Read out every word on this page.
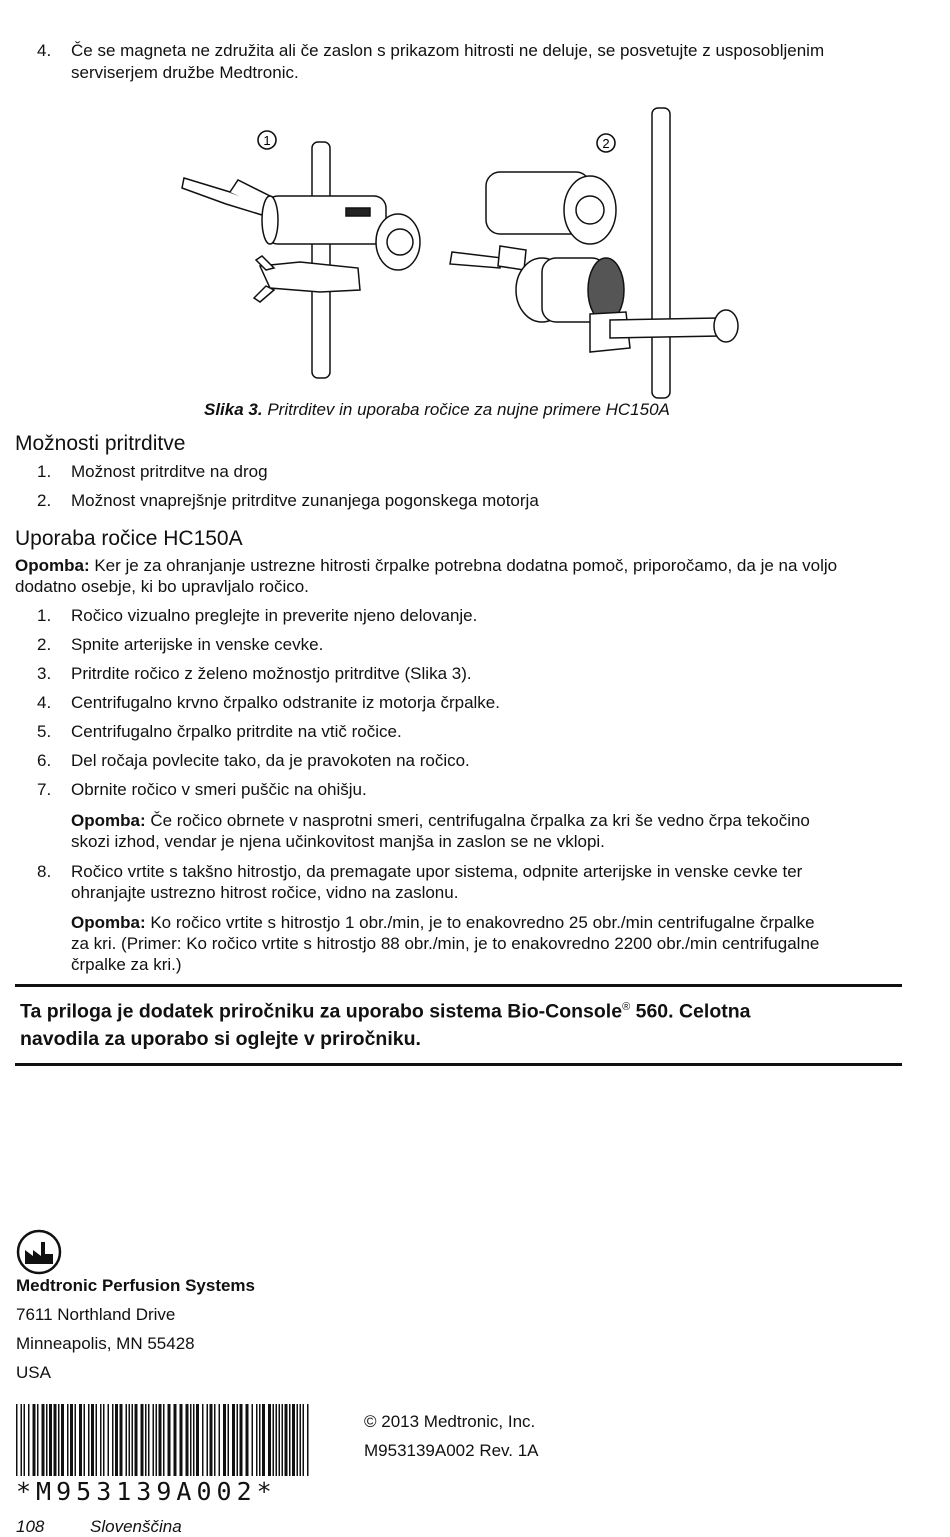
4.	Če se magneta ne združita ali če zaslon s prikazom hitrosti ne deluje, se posvetujte z usposobljenim
serviserjem družbe Medtronic.
1	2
Slika 3. Pritrditev in uporaba ročice za nujne primere HC150A
Možnosti pritrditve
1.	Možnost pritrditve na drog
2.	Možnost vnaprejšnje pritrditve zunanjega pogonskega motorja
Uporaba ročice HC150A
Opomba: Ker je za ohranjanje ustrezne hitrosti črpalke potrebna dodatna pomoč, priporočamo, da je na voljo
dodatno osebje, ki bo upravljalo ročico.
1.	Ročico vizualno preglejte in preverite njeno delovanje.
2.	Spnite arterijske in venske cevke.
3.	Pritrdite ročico z želeno možnostjo pritrditve (Slika 3).
4.	Centrifugalno krvno črpalko odstranite iz motorja črpalke.
5.	Centrifugalno črpalko pritrdite na vtič ročice.
6.	Del ročaja povlecite tako, da je pravokoten na ročico.
7.	Obrnite ročico v smeri puščic na ohišju.
Opomba: Če ročico obrnete v nasprotni smeri, centrifugalna črpalka za kri še vedno črpa tekočino
skozi izhod, vendar je njena učinkovitost manjša in zaslon se ne vklopi.
8.	Ročico vrtite s takšno hitrostjo, da premagate upor sistema, odpnite arterijske in venske cevke ter
ohranjajte ustrezno hitrost ročice, vidno na zaslonu.
Opomba: Ko ročico vrtite s hitrostjo 1 obr./min, je to enakovredno 25 obr./min centrifugalne črpalke
za kri. (Primer: Ko ročico vrtite s hitrostjo 88 obr./min, je to enakovredno 2200 obr./min centrifugalne
črpalke za kri.)
Ta priloga je dodatek priročniku za uporabo sistema Bio-Console® 560. Celotna
navodila za uporabo si oglejte v priročniku.
Medtronic Perfusion Systems
7611 Northland Drive
Minneapolis, MN 55428
USA
*M953139A002*
© 2013 Medtronic, Inc.
M953139A002 Rev. 1A
108	Slovenščina
